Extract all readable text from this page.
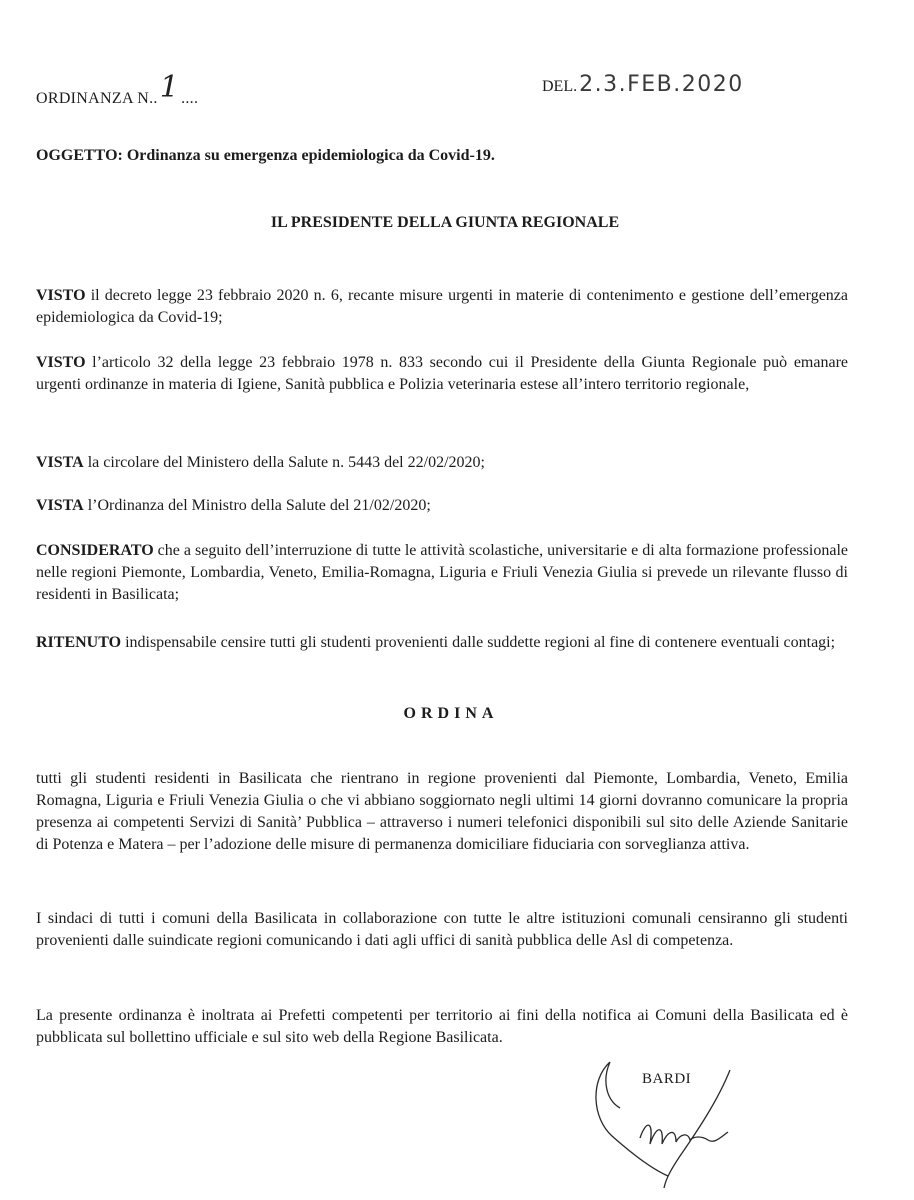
ORDINANZA N..1 ....
DEL.2.3.FEB.2020
OGGETTO: Ordinanza su emergenza epidemiologica da Covid-19.
IL PRESIDENTE DELLA GIUNTA REGIONALE

VISTO il decreto legge 23 febbraio 2020 n. 6, recante misure urgenti in materie di contenimento e gestione dell’emergenza epidemiologica da Covid-19;

VISTO l’articolo 32 della legge 23 febbraio 1978 n. 833 secondo cui il Presidente della Giunta Regionale può emanare urgenti ordinanze in materia di Igiene, Sanità pubblica e Polizia veterinaria estese all’intero territorio regionale,

VISTA la circolare del Ministero della Salute n. 5443 del 22/02/2020;

VISTA l’Ordinanza del Ministro della Salute del 21/02/2020;

CONSIDERATO che a seguito dell’interruzione di tutte le attività scolastiche, universitarie e di alta formazione professionale nelle regioni Piemonte, Lombardia, Veneto, Emilia-Romagna, Liguria e Friuli Venezia Giulia si prevede un rilevante flusso di residenti in Basilicata;

RITENUTO indispensabile censire tutti gli studenti provenienti dalle suddette regioni al fine di contenere eventuali contagi;

ORDINA

tutti gli studenti residenti in Basilicata che rientrano in regione provenienti dal Piemonte, Lombardia, Veneto, Emilia Romagna, Liguria e Friuli Venezia Giulia o che vi abbiano soggiornato negli ultimi 14 giorni dovranno comunicare la propria presenza ai competenti Servizi di Sanità’ Pubblica – attraverso i numeri telefonici disponibili sul sito delle Aziende Sanitarie di Potenza e Matera – per l’adozione delle misure di permanenza domiciliare fiduciaria con sorveglianza attiva.

I sindaci di tutti i comuni della Basilicata in collaborazione con tutte le altre istituzioni comunali censiranno gli studenti provenienti dalle suindicate regioni comunicando i dati agli uffici di sanità pubblica delle Asl di competenza.

La presente ordinanza è inoltrata ai Prefetti competenti per territorio ai fini della notifica ai Comuni della Basilicata ed è pubblicata sul bollettino ufficiale e sul sito web della Regione Basilicata.

BARDI
